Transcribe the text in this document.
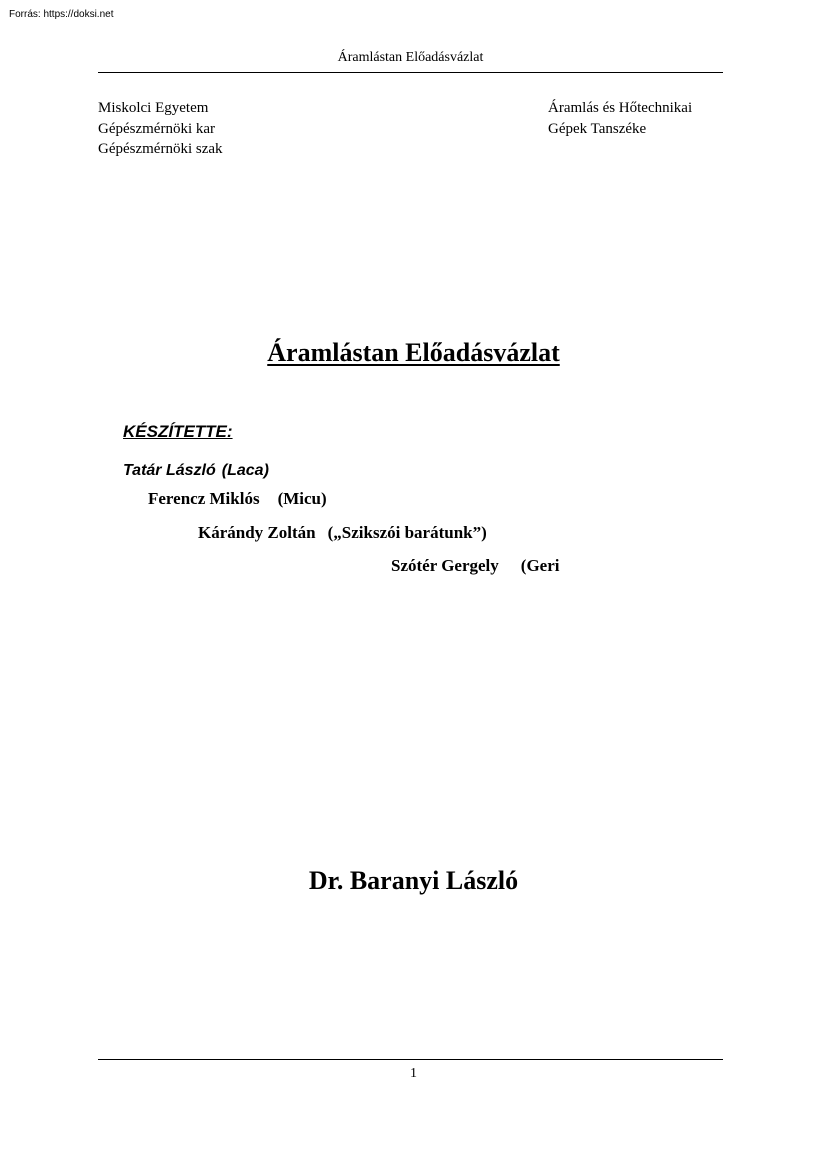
Forrás: https://doksi.net
Áramlástan Előadásvázlat
Miskolci Egyetem
Gépészmérnöki kar
Gépészmérnöki szak
Áramlás és Hőtechnikai
Gépek Tanszéke
Áramlástan Előadásvázlat
KÉSZÍTETTE:
Tatár László (Laca)
Ferencz Miklós (Micu)
Kárándy Zoltán („Szikszói barátunk”)
Szótér Gergely (Geri
Dr. Baranyi László
1
